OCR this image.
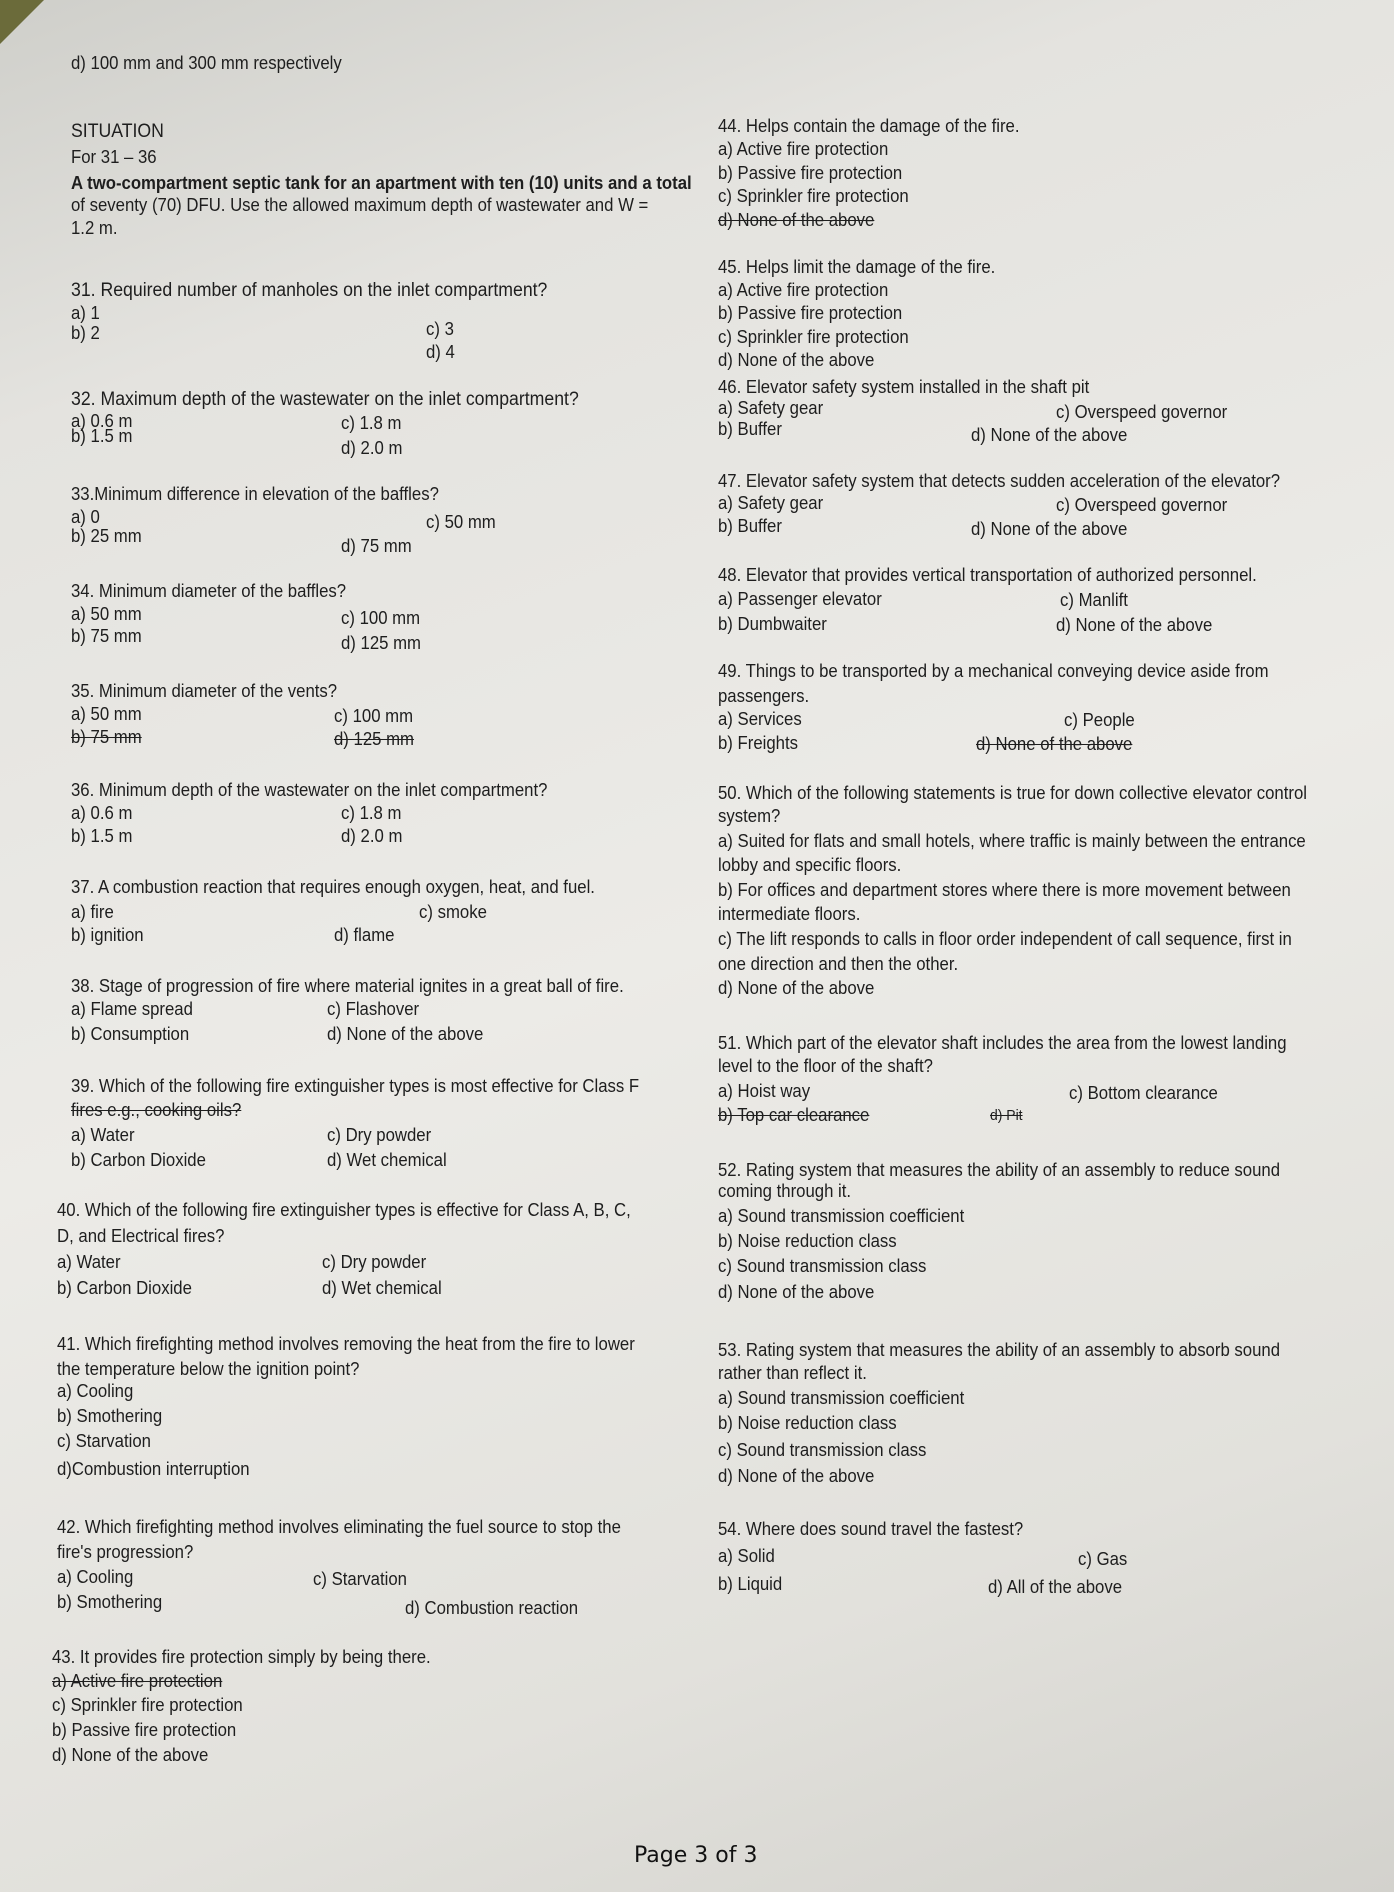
d) 100 mm and 300 mm respectively
SITUATION
For 31 – 36
A two-compartment septic tank for an apartment with ten (10) units and a total
of seventy (70) DFU. Use the allowed maximum depth of wastewater and W =
1.2 m.
31. Required number of manholes on the inlet compartment?
a) 1
b) 2	c) 3
d) 4
32. Maximum depth of the wastewater on the inlet compartment?
a) 0.6 m
b) 1.5 m
c) 1.8 m
d) 2.0 m
33.Minimum difference in elevation of the baffles?
a) 0
b) 25 mm
c) 50 mm
d) 75 mm
34. Minimum diameter of the baffles?
a) 50 mm
b) 75 mm
c) 100 mm
d) 125 mm
35. Minimum diameter of the vents?
a) 50 mm
b) 75 mm
c) 100 mm
d) 125 mm
36. Minimum depth of the wastewater on the inlet compartment?
a) 0.6 m
b) 1.5 m
c) 1.8 m
d) 2.0 m
37. A combustion reaction that requires enough oxygen, heat, and fuel.
a) fire
b) ignition
c) smoke
d) flame
38. Stage of progression of fire where material ignites in a great ball of fire.
a) Flame spread
b) Consumption
c) Flashover
d) None of the above
39. Which of the following fire extinguisher types is most effective for Class F
fires e.g., cooking oils?
a) Water
b) Carbon Dioxide
c) Dry powder
d) Wet chemical
40. Which of the following fire extinguisher types is effective for Class A, B, C,
D, and Electrical fires?
a) Water
b) Carbon Dioxide
c) Dry powder
d) Wet chemical
41. Which firefighting method involves removing the heat from the fire to lower
the temperature below the ignition point?
a) Cooling
b) Smothering
c) Starvation
d)Combustion interruption
42. Which firefighting method involves eliminating the fuel source to stop the
fire's progression?
a) Cooling
b) Smothering
c) Starvation
d) Combustion reaction
43. It provides fire protection simply by being there.
a) Active fire protection
c) Sprinkler fire protection
b) Passive fire protection
d) None of the above
44. Helps contain the damage of the fire.
a) Active fire protection
b) Passive fire protection
c) Sprinkler fire protection
d) None of the above
45. Helps limit the damage of the fire.
a) Active fire protection
b) Passive fire protection
c) Sprinkler fire protection
d) None of the above
46. Elevator safety system installed in the shaft pit
a) Safety gear
b) Buffer
c) Overspeed governor
d) None of the above
47. Elevator safety system that detects sudden acceleration of the elevator?
a) Safety gear
b) Buffer
c) Overspeed governor
d) None of the above
48. Elevator that provides vertical transportation of authorized personnel.
a) Passenger elevator
b) Dumbwaiter
c) Manlift
d) None of the above
49. Things to be transported by a mechanical conveying device aside from
passengers.
a) Services
b) Freights
c) People
d) None of the above
50. Which of the following statements is true for down collective elevator control
system?
a) Suited for flats and small hotels, where traffic is mainly between the entrance
lobby and specific floors.
b) For offices and department stores where there is more movement between
intermediate floors.
c) The lift responds to calls in floor order independent of call sequence, first in
one direction and then the other.
d) None of the above
51. Which part of the elevator shaft includes the area from the lowest landing
level to the floor of the shaft?
a) Hoist way
b) Top car clearance
c) Bottom clearance
d) Pit
52. Rating system that measures the ability of an assembly to reduce sound
coming through it.
a) Sound transmission coefficient
b) Noise reduction class
c) Sound transmission class
d) None of the above
53. Rating system that measures the ability of an assembly to absorb sound
rather than reflect it.
a) Sound transmission coefficient
b) Noise reduction class
c) Sound transmission class
d) None of the above
54. Where does sound travel the fastest?
a) Solid
b) Liquid
c) Gas
d) All of the above
Page 3 of 3
